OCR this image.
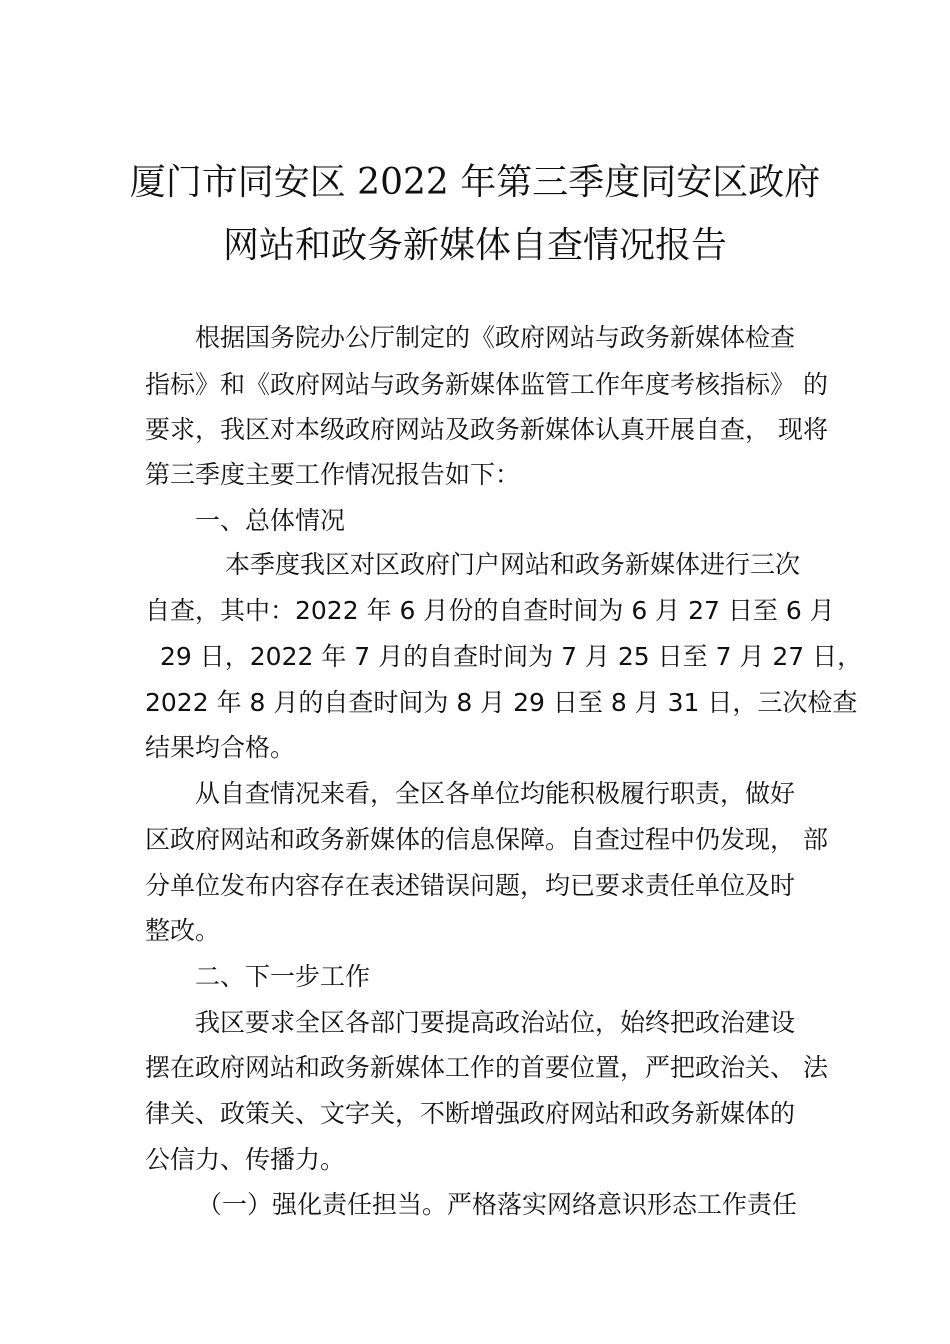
厦门市同安区 2022 年第三季度同安区政府
网站和政务新媒体自查情况报告
根据国务院办公厅制定的《政府网站与政务新媒体检查
指标》和《政府网站与政务新媒体监管工作年度考核指标》 的
要求，我区对本级政府网站及政务新媒体认真开展自查， 现将
第三季度主要工作情况报告如下：
一、总体情况
本季度我区对区政府门户网站和政务新媒体进行三次
自查，其中：2022 年 6 月份的自查时间为 6 月 27 日至 6 月
29 日，2022 年 7 月的自查时间为 7 月 25 日至 7 月 27 日，
2022 年 8 月的自查时间为 8 月 29 日至 8 月 31 日，三次检查
结果均合格。
从自查情况来看，全区各单位均能积极履行职责，做好
区政府网站和政务新媒体的信息保障。自查过程中仍发现， 部
分单位发布内容存在表述错误问题，均已要求责任单位及时
整改。
二、下一步工作
我区要求全区各部门要提高政治站位，始终把政治建设
摆在政府网站和政务新媒体工作的首要位置，严把政治关、 法
律关、政策关、文字关，不断增强政府网站和政务新媒体的
公信力、传播力。
（一）强化责任担当。严格落实网络意识形态工作责任
